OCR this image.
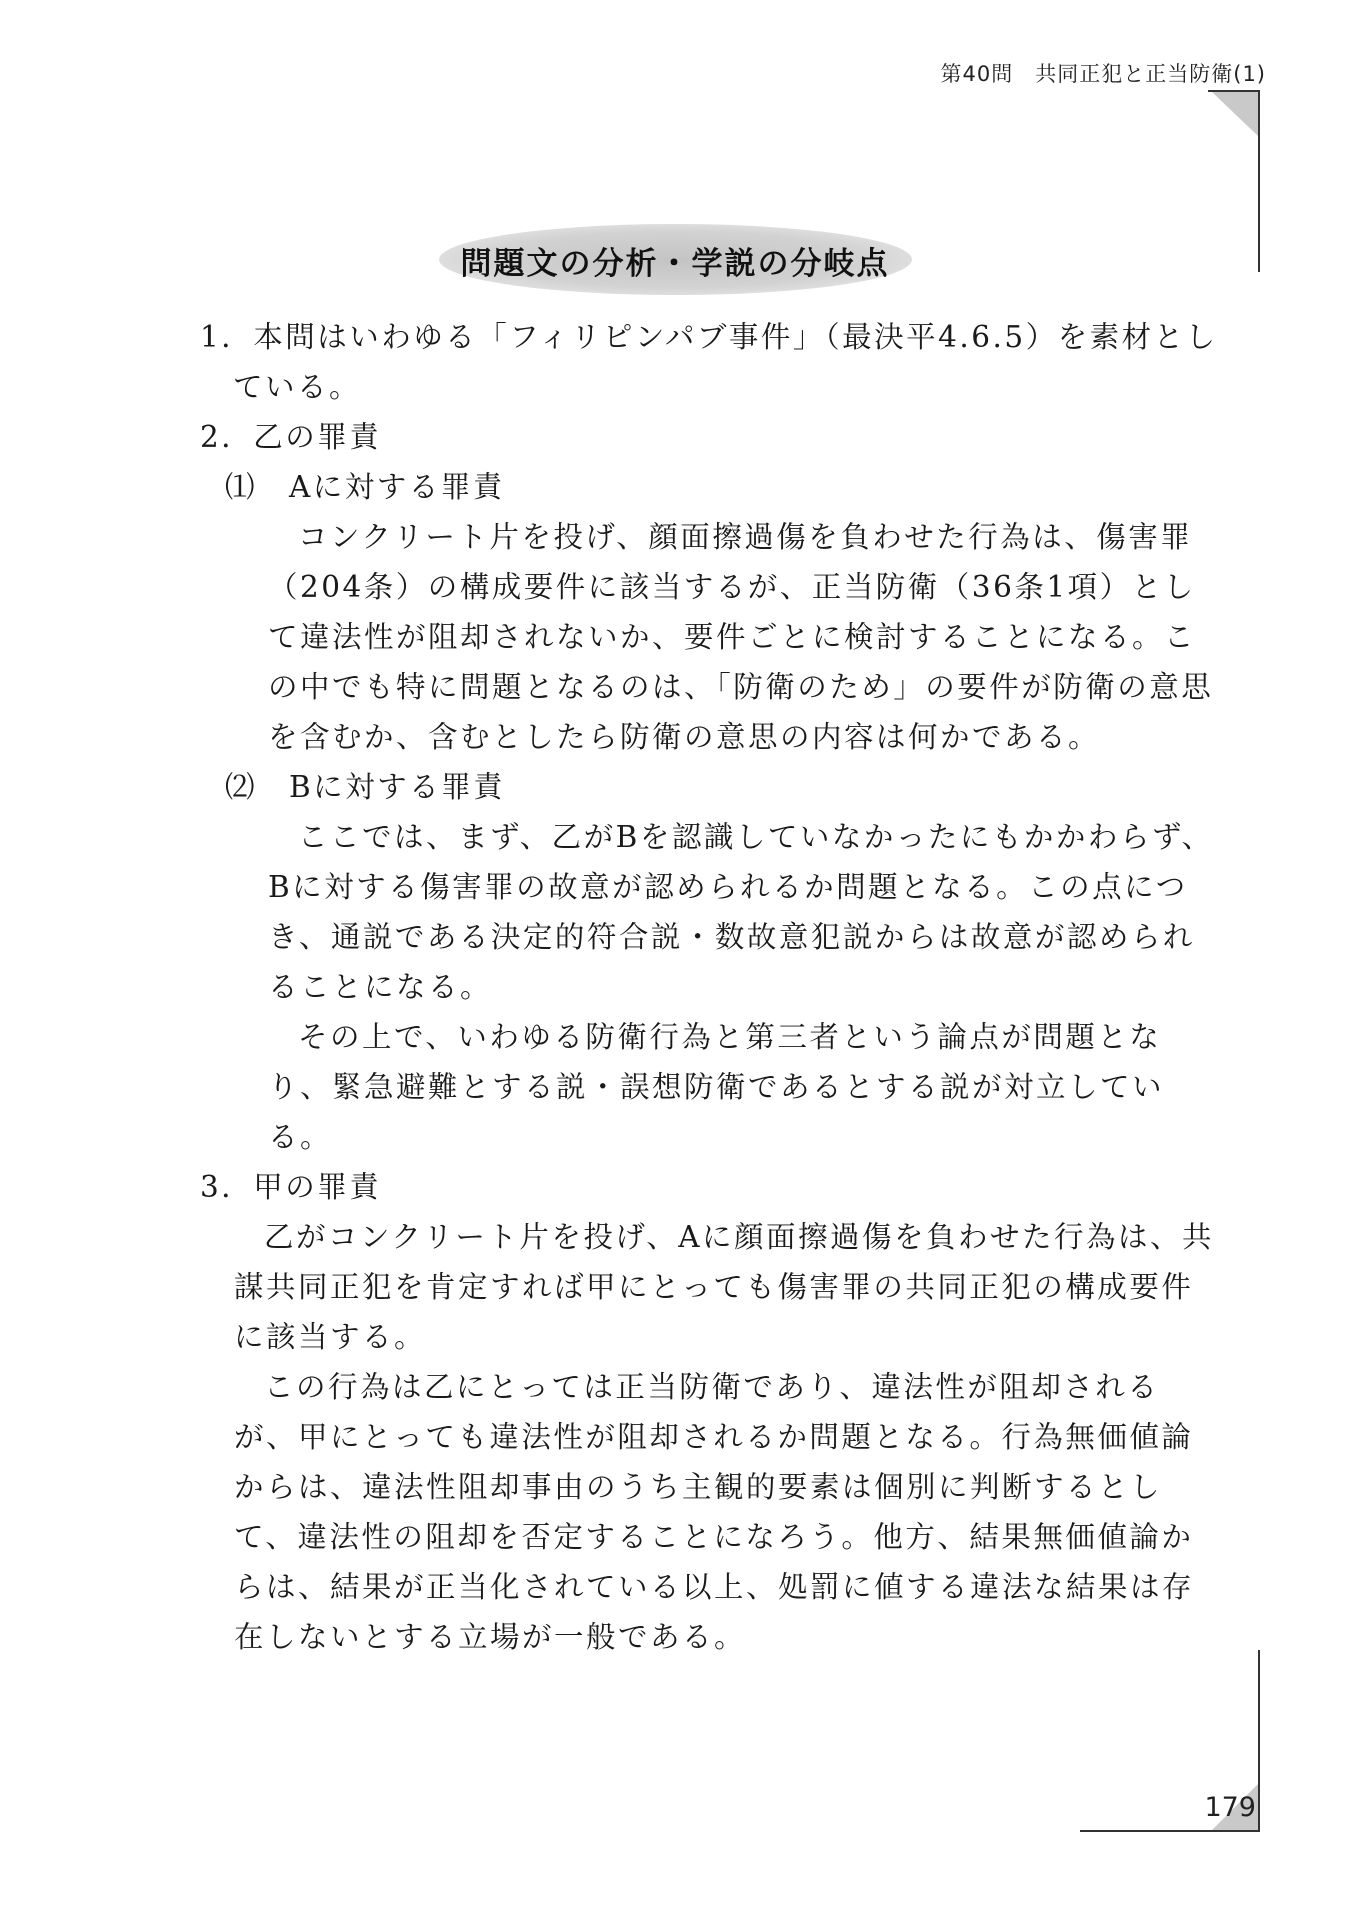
第40問　共同正犯と正当防衛(1)
問題文の分析・学説の分岐点

1．本問はいわゆる「フィリピンパブ事件」（最決平4.6.5）を素材としている。

2．乙の罪責

⑴　Aに対する罪責

コンクリート片を投げ、顔面擦過傷を負わせた行為は、傷害罪（204条）の構成要件に該当するが、正当防衛（36条1項）として違法性が阻却されないか、要件ごとに検討することになる。この中でも特に問題となるのは、「防衛のため」の要件が防衛の意思を含むか、含むとしたら防衛の意思の内容は何かである。

⑵　Bに対する罪責

ここでは、まず、乙がBを認識していなかったにもかかわらず、Bに対する傷害罪の故意が認められるか問題となる。この点につき、通説である決定的符合説・数故意犯説からは故意が認められることになる。

その上で、いわゆる防衛行為と第三者という論点が問題となり、緊急避難とする説・誤想防衛であるとする説が対立している。

3．甲の罪責

乙がコンクリート片を投げ、Aに顔面擦過傷を負わせた行為は、共謀共同正犯を肯定すれば甲にとっても傷害罪の共同正犯の構成要件に該当する。

この行為は乙にとっては正当防衛であり、違法性が阻却されるが、甲にとっても違法性が阻却されるか問題となる。行為無価値論からは、違法性阻却事由のうち主観的要素は個別に判断するとして、違法性の阻却を否定することになろう。他方、結果無価値論からは、結果が正当化されている以上、処罰に値する違法な結果は存在しないとする立場が一般である。

179
